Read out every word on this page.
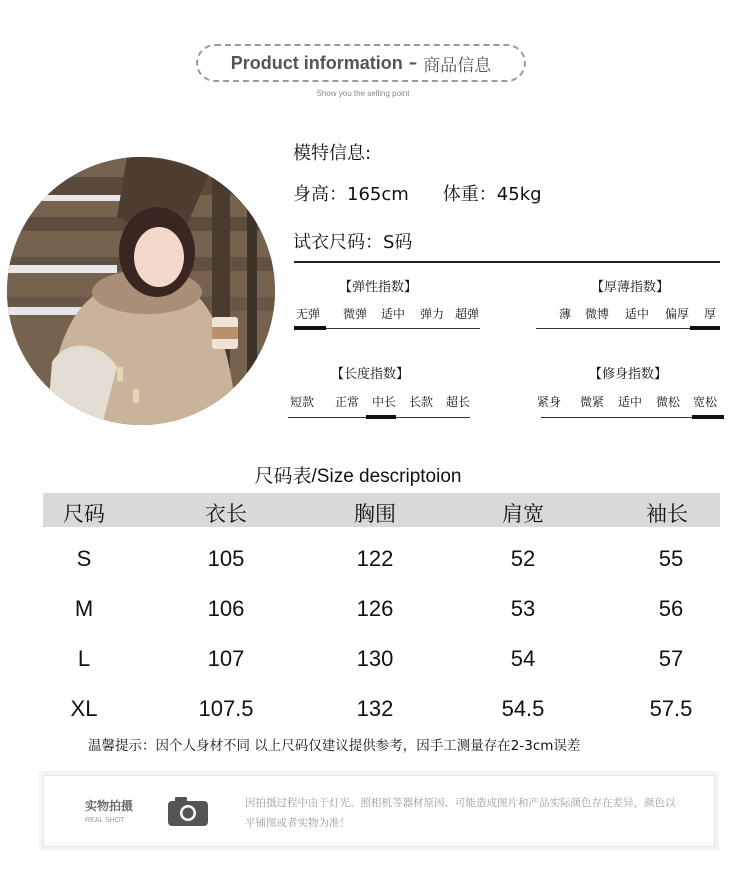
Product information – 商品信息
Show you the selling point
模特信息:
身高：165cm 体重：45kg
试衣尺码：S码
【弹性指数】
无弹	微弹	适中	弹力 超弹
【厚薄指数】
薄	微博	适中	偏厚	厚
【长度指数】
短款	正常	中长	长款	超长
【修身指数】
紧身	微紧	适中	微松	宽松
尺码表/Size descriptoion
尺码	衣长	胸围	肩宽	袖长
S	105	122	52	55
M	106	126	53	56
L	107	130	54	57
XL	107.5	132	54.5	57.5
温馨提示：因个人身材不同 以上尺码仅建议提供参考，因手工测量存在2-3cm误差
实物拍摄
REAL SHOT
因拍摄过程中由于灯光、照相机等器材原因、可能造成图片和产品实际颜色存在差异，颜色以平铺图或者实物为准！
